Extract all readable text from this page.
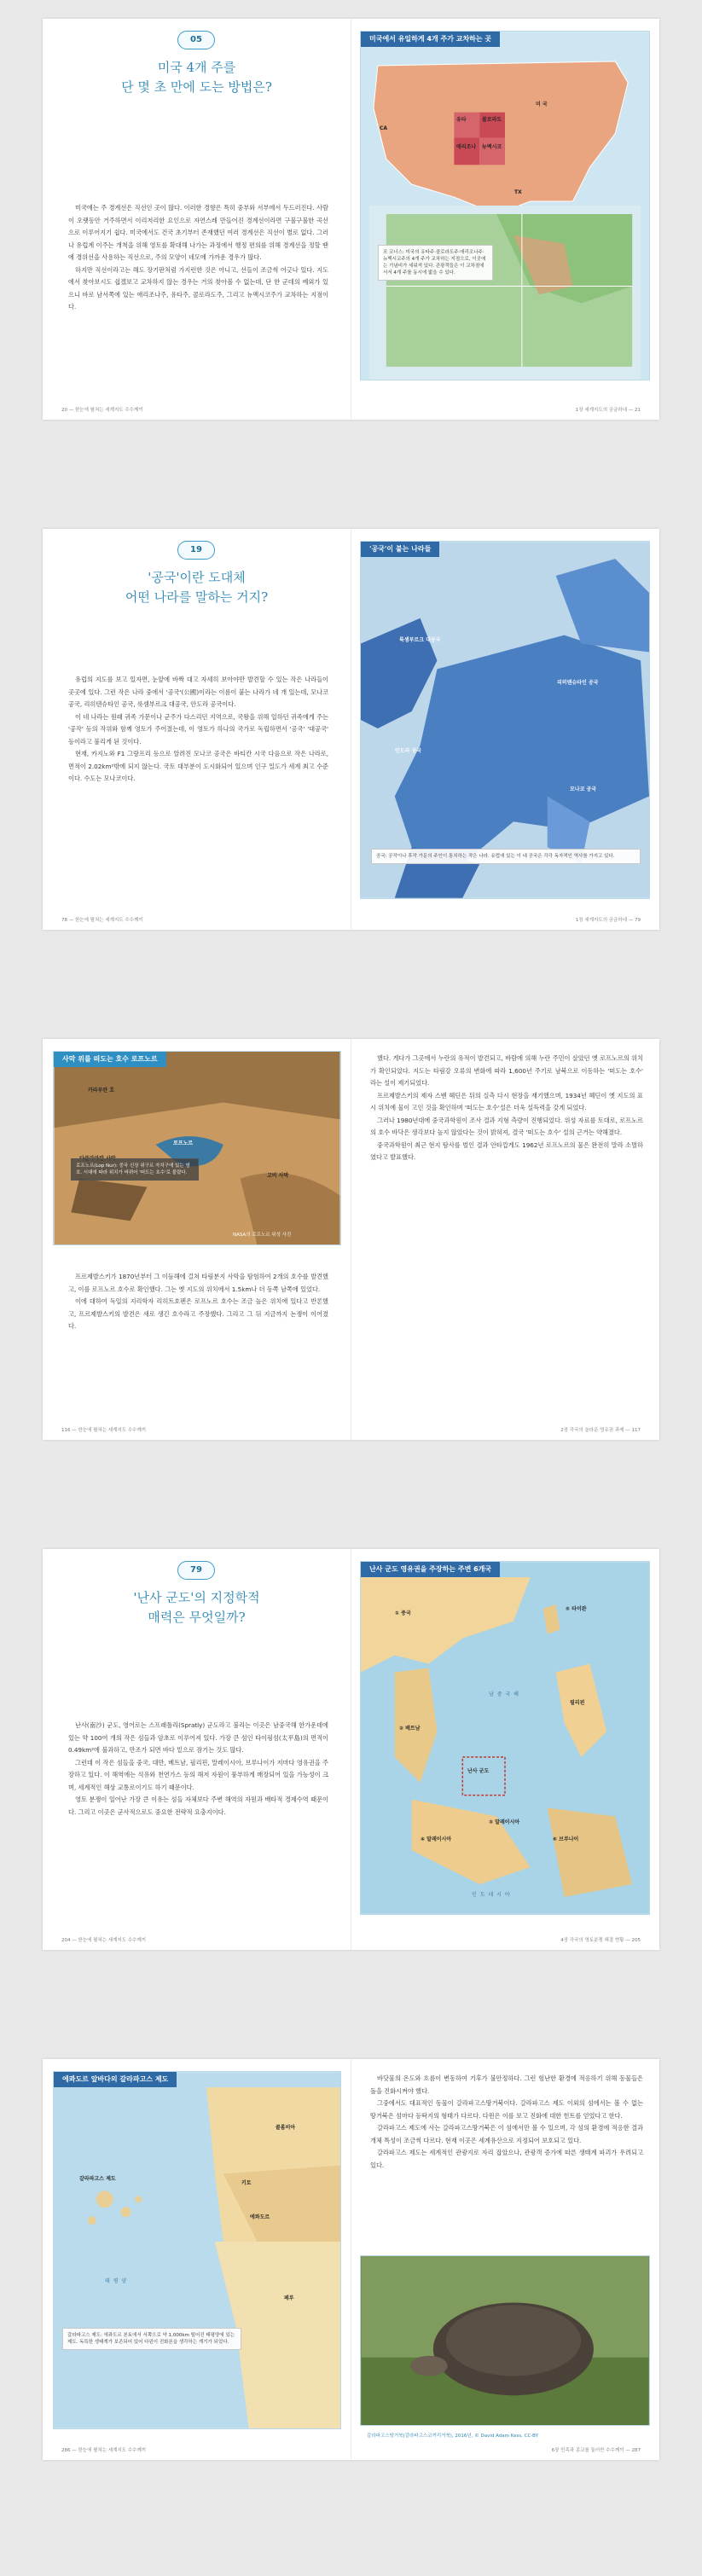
05
미국 4개 주를
단 몇 초 만에 도는 방법은?

미국에는 주 경계선은 직선인 곳이 많다. 이러한 경향은 특히 중부와 서부에서 두드러진다. 사람이 오랫동안 거주하면서 이리저리한 요인으로 자연스레 만들어진 경계선이라면 구불구불한 곡선으로 이루어지기 쉽다. 미국에서도 건국 초기부터 존재했던 여러 경계선은 직선이 별로 없다. 그러나 유럽계 이주는 개척을 위해 영토를 확대해 나가는 과정에서 행정 편의를 위해 경계선을 정할 땐에 경위선을 사용하는 직선으로, 주의 모양이 네모에 가까운 경우가 많다.

하지만 직선이라고는 해도 장기판처럼 가지런한 것은 아니고, 선들이 조금씩 어긋나 있다. 지도에서 찾아보시도 쉽겠보고 교차하지 않는 경우는 거의 찾아볼 수 없는데, 단 한 군데의 예외가 있으니 바로 남서쪽에 있는 애리조나주, 유타주, 콜로라도주, 그리고 뉴멕시코주가 교차하는 지점이다.

20 — 한눈에 펼쳐는 세계지도 수수께끼
미국에서 유일하게 4개 주가 교차하는 곳
미 국
유타	콜로라도
애리조나 뉴멕시코
CA
TX
포 코너스: 미국의 유타주·콜로라도주·애리조나주·뉴멕시코주의 4개 주가 교차하는 지점으로, 이곳에는 기념비가 세워져 있다. 관광객들은 이 교차점에 서서 4개 주를 동시에 밟을 수 있다.
1장 세계지도의 궁금하네 — 21
19
'공국'이란 도대체
어떤 나라를 말하는 거지?

유럽의 지도를 보고 있자면, 눈앞에 바짝 대고 자세히 보아야만 발견할 수 있는 작은 나라들이 곳곳에 있다. 그런 작은 나라 중에서 '공국'(公國)이라는 이름이 붙는 나라가 네 개 있는데, 모나코 공국, 리히텐슈타인 공국, 룩셈부르크 대공국, 안도라 공국이다.

이 네 나라는 원래 귀족 가문이나 군주가 다스리던 지역으로, 국왕을 위해 일하던 귀족에게 주는 '공작' 등의 작위와 함께 영토가 주어졌는데, 이 영토가 하나의 국가로 독립하면서 '공국' '대공국' 등이라고 불리게 된 것이다.

현재, 카지노와 F1 그랑프리 등으로 알려진 모나코 공국은 바티칸 시국 다음으로 작은 나라로, 면적이 2.02km²밖에 되지 않는다. 국토 대부분이 도시화되어 있으며 인구 밀도가 세계 최고 수준이다. 수도는 모나코이다.

78 — 한눈에 펼쳐는 세계지도 수수께끼
'공국'이 붙는 나라들
룩셈부르크 대공국
리히텐슈타인 공국
안도라 공국
모나코 공국
공국: 공작이나 후작 가문의 주인이 통치하는 작은 나라. 유럽에 있는 이 네 공국은 각각 독자적인 역사를 가지고 있다.
1장 세계지도의 궁금하네 — 79
사막 위를 떠도는 호수 로프노르
카라부란 호
로프노르
고비 사막
로프노르(Lop Nur): 중국 신장 위구르 자치구에 있는 염호. 시대에 따라 위치가 바뀌어 '떠도는 호수'로 불렸다.
NASA의 로프노르 위성 사진

프르제발스키가 1870년부터 그 이듬해에 걸쳐 타림분지 사막을 탐험하여 2개의 호수를 발견했고, 이를 로프노르 호수로 확인했다. 그는 옛 지도의 위치에서 1.5km나 더 동쪽 남쪽에 있었다.

이에 대하여 독일의 지리학자 리히트호펜은 로프노르 호수는 조금 높은 위치에 있다고 반론했고, 프르제발스키의 발견은 새로 생긴 호수라고 주장했다. 그리고 그 뒤 지금까지 논쟁이 이어졌다.

116 — 한눈에 펼쳐는 세계지도 수수께끼

했다. 게다가 그곳에서 누란의 유적이 발견되고, 바람에 의해 누란 주민이 살았던 옛 로프노르의 위치가 확인되었다. 지도는 타림강 오류의 변화에 따라 1,600년 주기로 남북으로 이동하는 '떠도는 호수' 라는 설이 제기되었다.

프르제발스키의 제자 스벤 헤딘은 뒤의 실측 다시 현장을 재기했으며, 1934년 헤딘이 옛 지도의 표시 위치에 물이 고인 것을 확인하며 '떠도는 호수'설은 더욱 설득력을 갖게 되었다.

그러나 1980년대에 중국과학원이 조사 결과 지형 측량이 진행되었다. 위성 자료를 토대로, 로프노르의 호수 바닥은 생각보다 높지 않았다는 것이 밝혀져, 결국 '떠도는 호수' 설의 근거는 약해졌다.

중국과학원이 최근 현지 탐사를 벌인 결과 안타깝게도 1962년 로프노르의 물은 완전히 말라 소멸하였다고 발표했다.

2장 각국의 놀라운 영유권 과제 — 117
79
'난사 군도'의 지정학적
매력은 무엇일까?

난사(南沙) 군도, 영어로는 스프래틀리(Spratly) 군도라고 불리는 이곳은 남중국해 한가운데에 있는 약 100여 개의 작은 섬들과 암초로 이루어져 있다. 가장 큰 섬인 타이핑섬(太平島)의 면적이 0.49km²에 불과하고, 만조가 되면 바다 밑으로 잠기는 것도 많다.

그런데 이 작은 섬들을 중국, 대만, 베트남, 필리핀, 말레이시아, 브루나이가 저마다 영유권을 주장하고 있다. 이 해역에는 석유와 천연가스 등의 해저 자원이 풍부하게 매장되어 있을 가능성이 크며, 세계적인 해상 교통로이기도 하기 때문이다.

영토 분쟁이 일어난 가장 큰 이유는 섬들 자체보다 주변 해역의 자원과 배타적 경제수역 때문이다. 그리고 이곳은 군사적으로도 중요한 전략적 요충지이다.

204 — 한눈에 펼쳐는 세계지도 수수께끼
난사 군도 영유권을 주장하는 주변 6개국
① 중국
⑤ 타이완
남 중 국 해
필리핀
② 베트남
난사 군도
③ 말레이시아
⑥ 브루나이
④ 말레이시아
인 도 네 시 아
4장 각국의 영토분쟁 해결 현황 — 205
에콰도르 앞바다의 갈라파고스 제도
콜롬비아
키토
에콰도르
페루
갈라파고스 제도
태 평 양
갈라파고스 제도: 에콰도르 본토에서 서쪽으로 약 1,000km 떨어진 태평양에 있는 제도. 독특한 생태계가 보존되어 있어 다윈이 진화론을 생각하는 계기가 되었다.
286 — 한눈에 펼쳐는 세계지도 수수께끼

바닷물의 온도와 흐름이 변동하여 기후가 불안정하다. 그런 험난한 환경에 적응하기 위해 동물들은 돌을 진화시켜야 했다.

그중에서도 대표적인 동물이 갈라파고스땅거북이다. 갈라파고스 제도 이외의 섬에서는 볼 수 없는 땅거북은 섬마다 등딱지의 형태가 다르다. 다윈은 이를 보고 진화에 대한 힌트를 얻었다고 한다.

갈라파고스 제도에 사는 갈라파고스땅거북은 이 섬에서만 볼 수 있으며, 각 섬의 환경에 적응한 결과 개체 특성이 조금씩 다르다. 현재 이곳은 세계유산으로 지정되어 보호되고 있다.

갈라파고스 제도는 세계적인 관광지로 자리 잡았으나, 관광객 증가에 따른 생태계 파괴가 우려되고 있다.

갈라파고스땅거북(갈라파고스코끼리거북), 2016년, © David Adam Kess, CC-BY
6장 민족과 종교를 둘러싼 수수께끼 — 287
